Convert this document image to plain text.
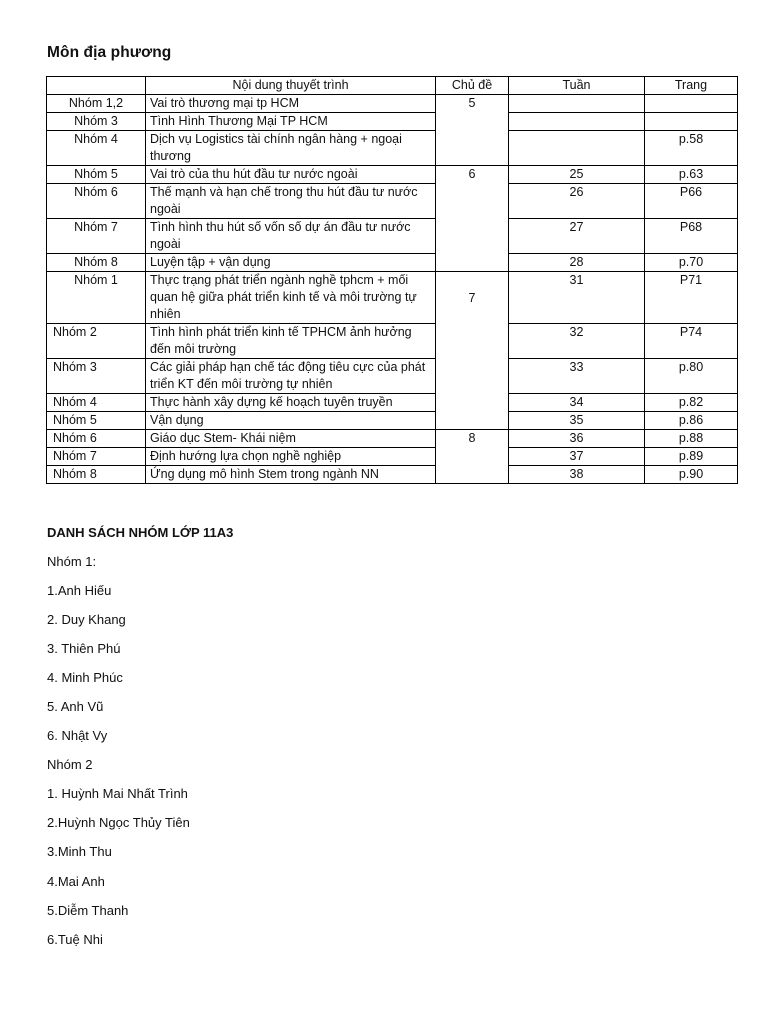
Môn địa phương
	Nội dung thuyết trình	Chủ đề	Tuần	Trang
Nhóm 1,2	Vai trò thương mại tp HCM	5		
Nhóm 3	Tình Hình Thương Mại TP HCM			
Nhóm 4	Dịch vụ Logistics tài chính ngân hàng + ngoại thương			p.58
Nhóm 5	Vai trò của thu hút đầu tư nước ngoài	6	25	p.63
Nhóm 6	Thế mạnh và hạn chế trong thu hút đầu tư nước ngoài		26	P66
Nhóm 7	Tình hình thu hút số vốn số dự án đầu tư nước ngoài		27	P68
Nhóm 8	Luyện tập + vận dụng		28	p.70
Nhóm 1	Thực trạng phát triển ngành nghề tphcm + mối quan hệ giữa phát triển kinh tế và môi trường tự nhiên	7	31	P71
Nhóm 2	Tình hình phát triển kinh tế TPHCM ảnh hưởng đến môi trường		32	P74
Nhóm 3	Các giải pháp hạn chế tác động tiêu cực của phát triển KT đến môi trường tự nhiên		33	p.80
Nhóm 4	Thực hành xây dựng kế hoạch tuyên truyền		34	p.82
Nhóm 5	Vận dụng		35	p.86
Nhóm 6	Giáo dục Stem- Khái niệm	8	36	p.88
Nhóm 7	Định hướng lựa chọn nghề nghiệp		37	p.89
Nhóm 8	Ứng dụng mô hình Stem trong ngành NN		38	p.90
DANH SÁCH NHÓM LỚP 11A3
Nhóm 1:
1.Anh Hiếu
2. Duy Khang
3. Thiên Phú
4. Minh Phúc
5. Anh Vũ
6. Nhật Vy
Nhóm 2
1. Huỳnh Mai Nhất Trình
2.Huỳnh Ngọc Thủy Tiên
3.Minh Thu
4.Mai Anh
5.Diễm Thanh
6.Tuệ Nhi
